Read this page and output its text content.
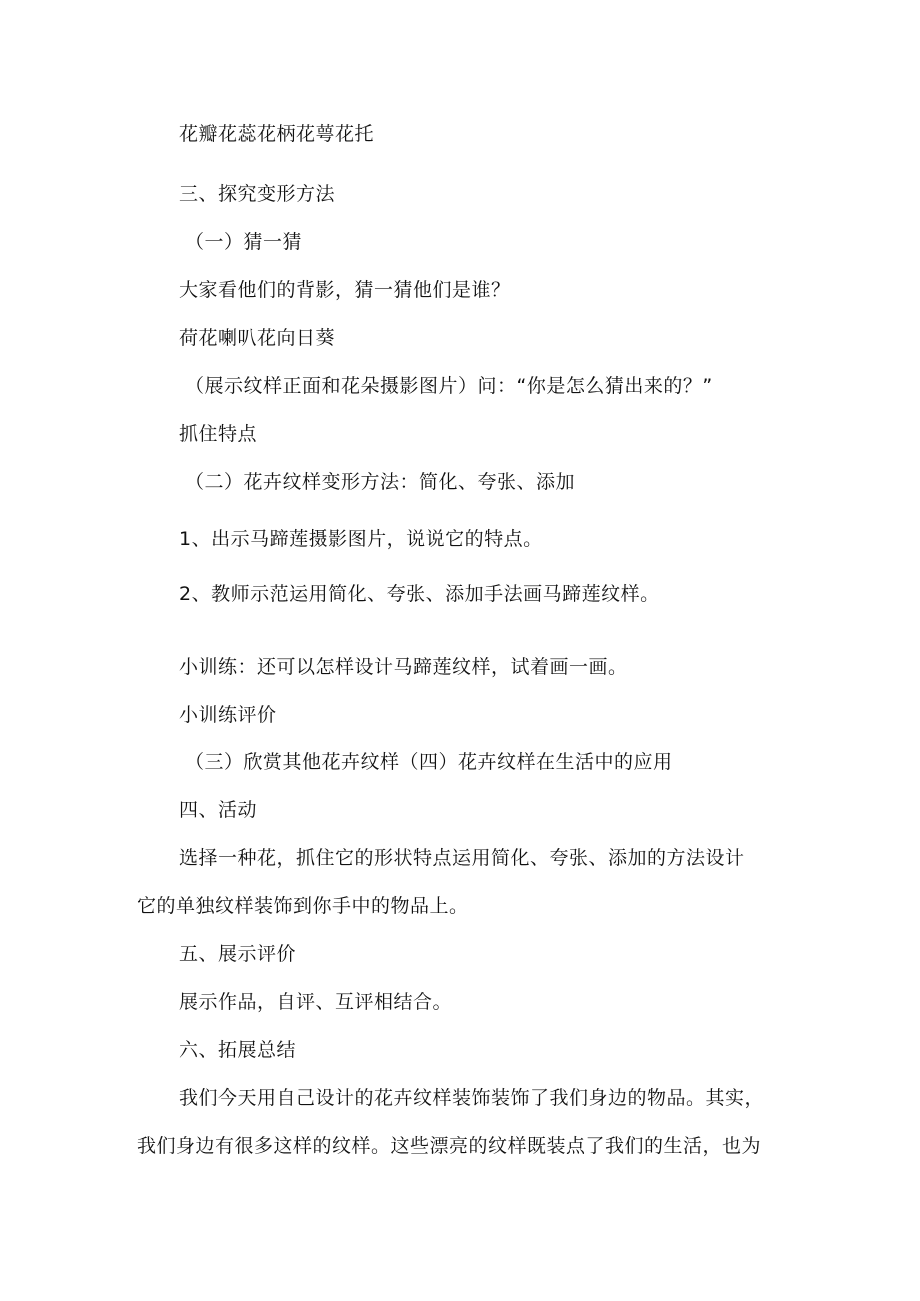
花瓣花蕊花柄花萼花托

三、探究变形方法

（一）猜一猜

大家看他们的背影，猜一猜他们是谁？

荷花喇叭花向日葵

（展示纹样正面和花朵摄影图片）问：“你是怎么猜出来的？”

抓住特点

（二）花卉纹样变形方法：简化、夸张、添加

1、出示马蹄莲摄影图片，说说它的特点。

2、教师示范运用简化、夸张、添加手法画马蹄莲纹样。

小训练：还可以怎样设计马蹄莲纹样，试着画一画。

小训练评价

（三）欣赏其他花卉纹样（四）花卉纹样在生活中的应用

四、活动

选择一种花，抓住它的形状特点运用简化、夸张、添加的方法设计

它的单独纹样装饰到你手中的物品上。

五、展示评价

展示作品，自评、互评相结合。

六、拓展总结

我们今天用自己设计的花卉纹样装饰装饰了我们身边的物品。其实，

我们身边有很多这样的纹样。这些漂亮的纹样既装点了我们的生活，也为
